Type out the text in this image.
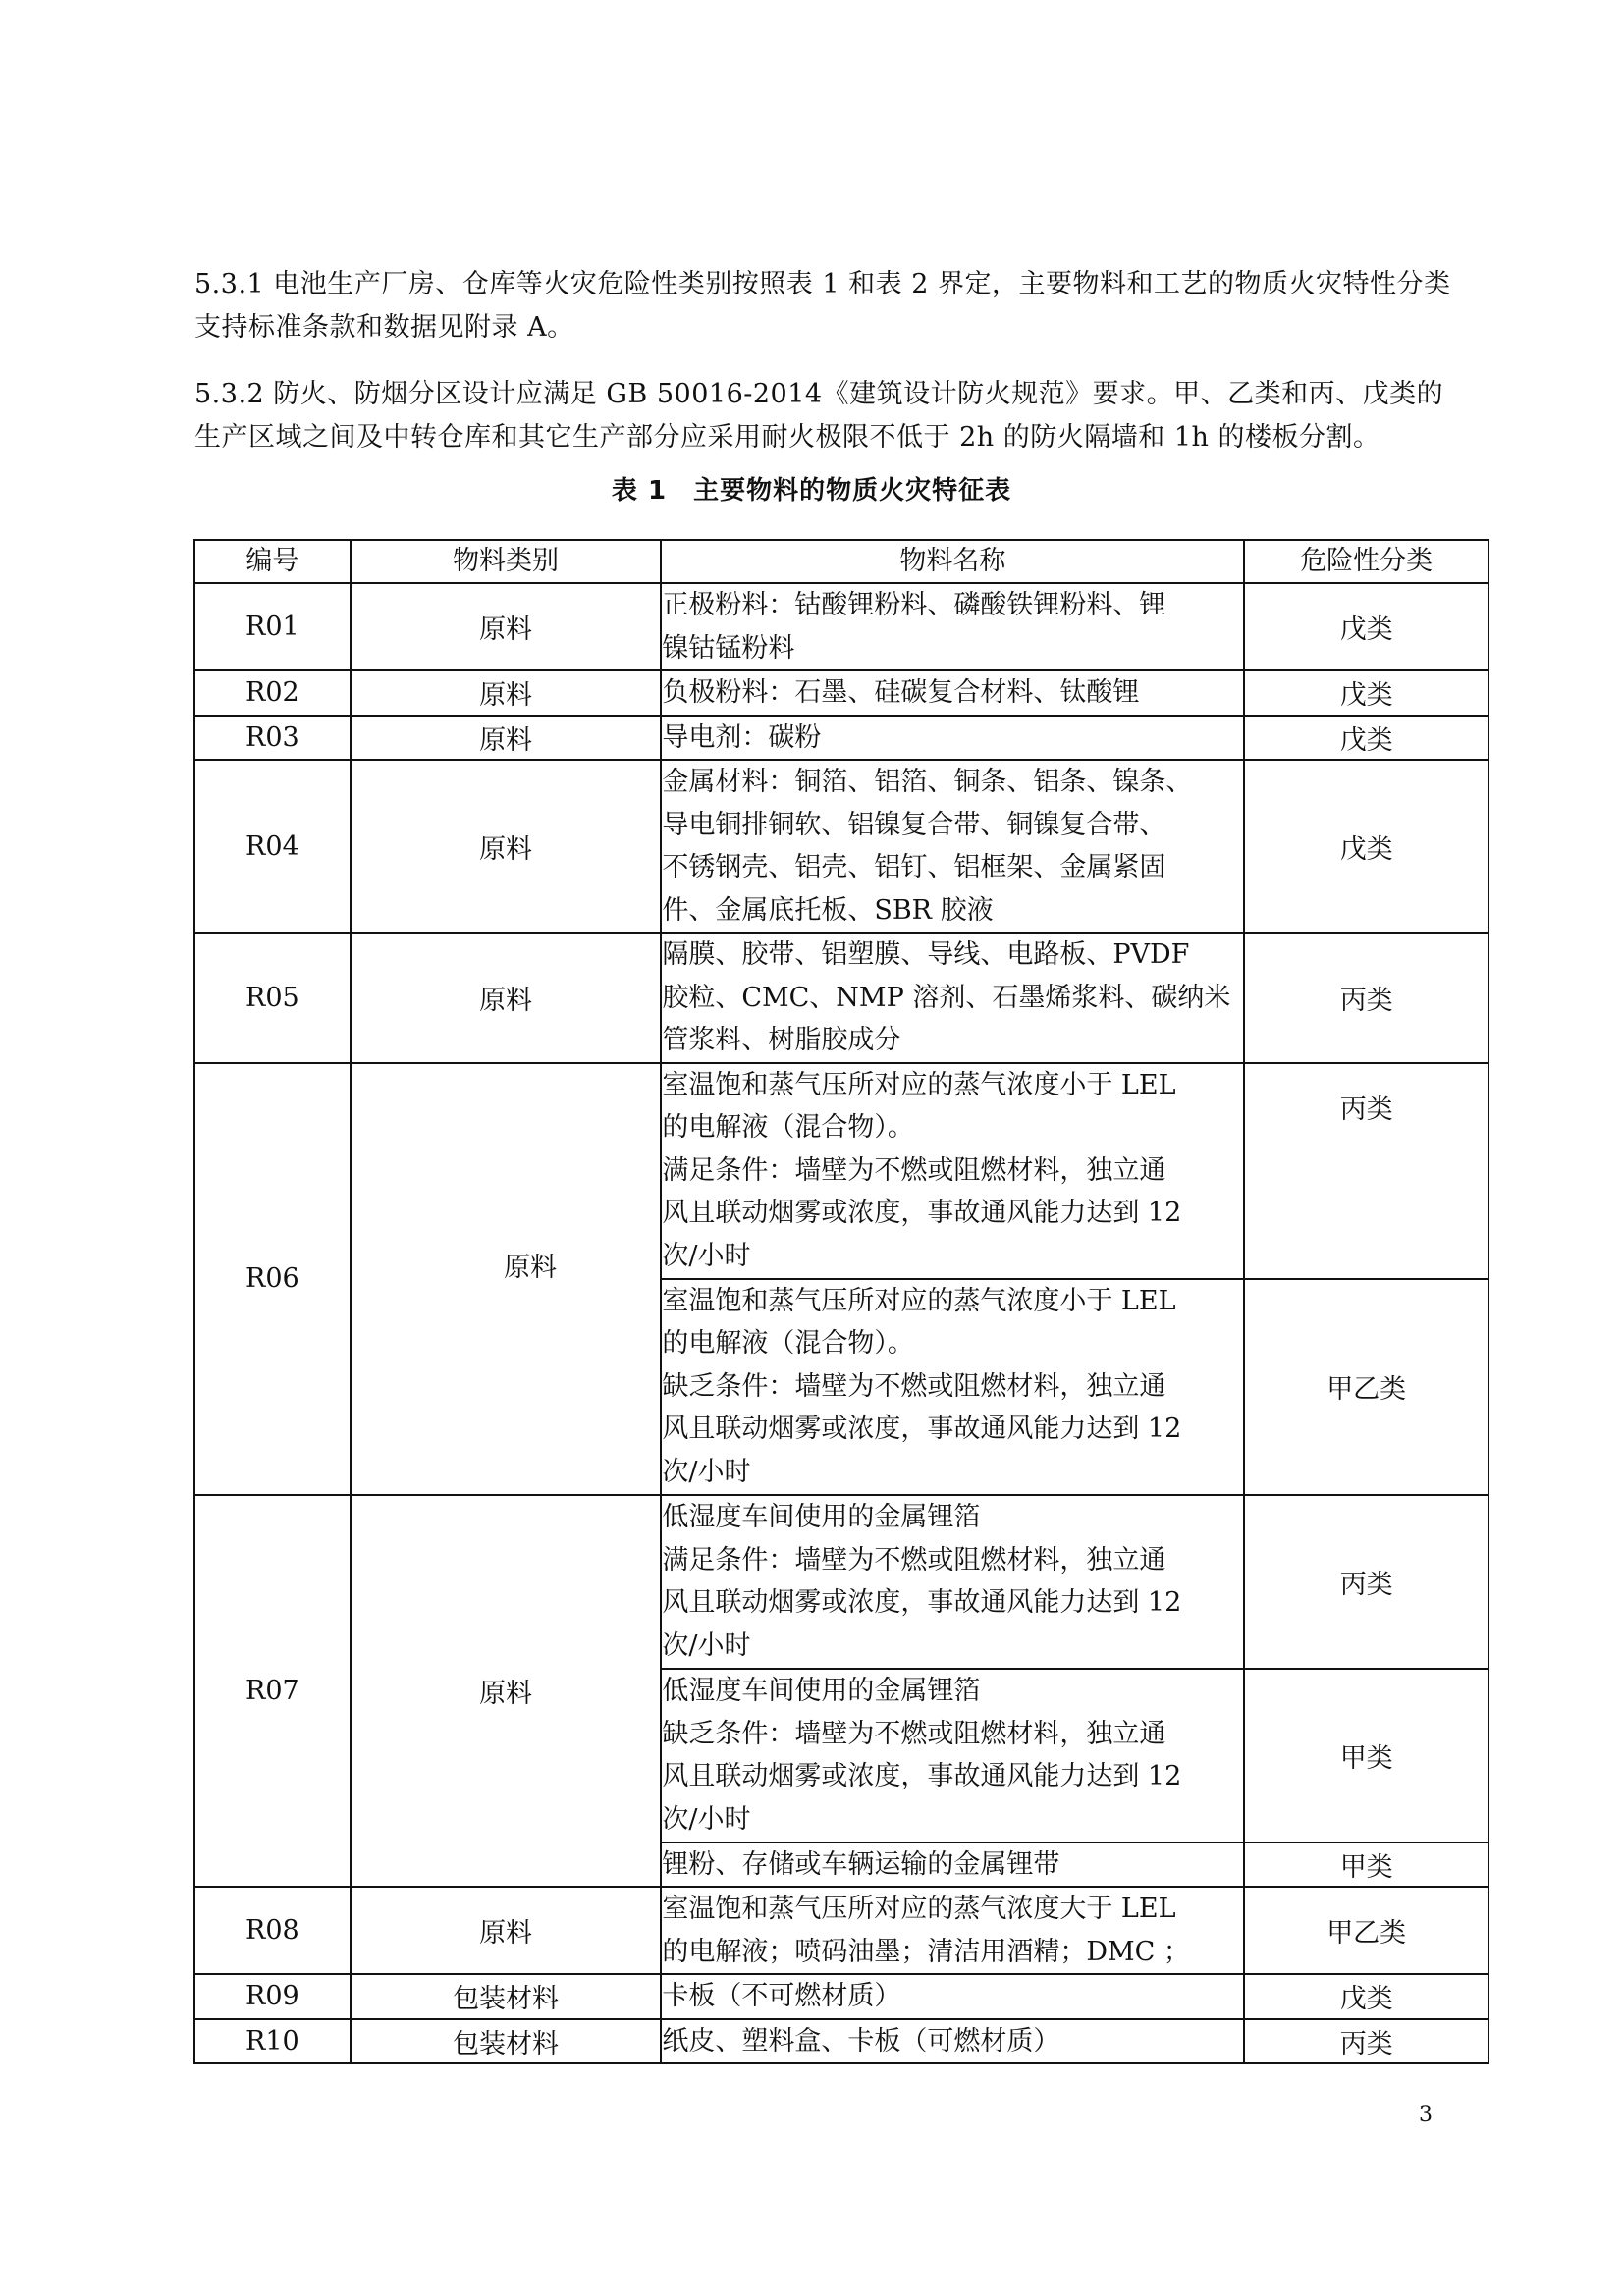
5.3.1 电池生产厂房、仓库等火灾危险性类别按照表 1 和表 2 界定，主要物料和工艺的物质火灾特性分类支持标准条款和数据见附录 A。

5.3.2 防火、防烟分区设计应满足 GB 50016-2014《建筑设计防火规范》要求。甲、乙类和丙、戊类的生产区域之间及中转仓库和其它生产部分应采用耐火极限不低于 2h 的防火隔墙和 1h 的楼板分割。

表 1　主要物料的物质火灾特征表
编号	物料类别	物料名称	危险性分类
R01	原料	正极粉料：钴酸锂粉料、磷酸铁锂粉料、锂

镍钴锰粉料	戊类
R02	原料	负极粉料：石墨、硅碳复合材料、钛酸锂	戊类
R03	原料	导电剂：碳粉	戊类
R04	原料	金属材料：铜箔、铝箔、铜条、铝条、镍条、

导电铜排铜软、铝镍复合带、铜镍复合带、

不锈钢壳、铝壳、铝钉、铝框架、金属紧固

件、金属底托板、SBR 胶液	戊类
R05	原料	隔膜、胶带、铝塑膜、导线、电路板、PVDF

胶粒、CMC、NMP 溶剂、石墨烯浆料、碳纳米

管浆料、树脂胶成分	丙类
R06	原料	室温饱和蒸气压所对应的蒸气浓度小于 LEL

的电解液（混合物）。

满足条件：墙壁为不燃或阻燃材料，独立通

风且联动烟雾或浓度，事故通风能力达到 12

次/小时	丙类

		室温饱和蒸气压所对应的蒸气浓度小于 LEL

的电解液（混合物）。

缺乏条件：墙壁为不燃或阻燃材料，独立通

风且联动烟雾或浓度，事故通风能力达到 12

次/小时	甲乙类
R07	原料	低湿度车间使用的金属锂箔

满足条件：墙壁为不燃或阻燃材料，独立通

风且联动烟雾或浓度，事故通风能力达到 12

次/小时	丙类

		低湿度车间使用的金属锂箔

缺乏条件：墙壁为不燃或阻燃材料，独立通

风且联动烟雾或浓度，事故通风能力达到 12

次/小时	甲类

		锂粉、存储或车辆运输的金属锂带	甲类
R08	原料	室温饱和蒸气压所对应的蒸气浓度大于 LEL

的电解液；喷码油墨；清洁用酒精；DMC ；	甲乙类
R09	包装材料	卡板（不可燃材质）	戊类
R10	包装材料	纸皮、塑料盒、卡板（可燃材质）	丙类
3
